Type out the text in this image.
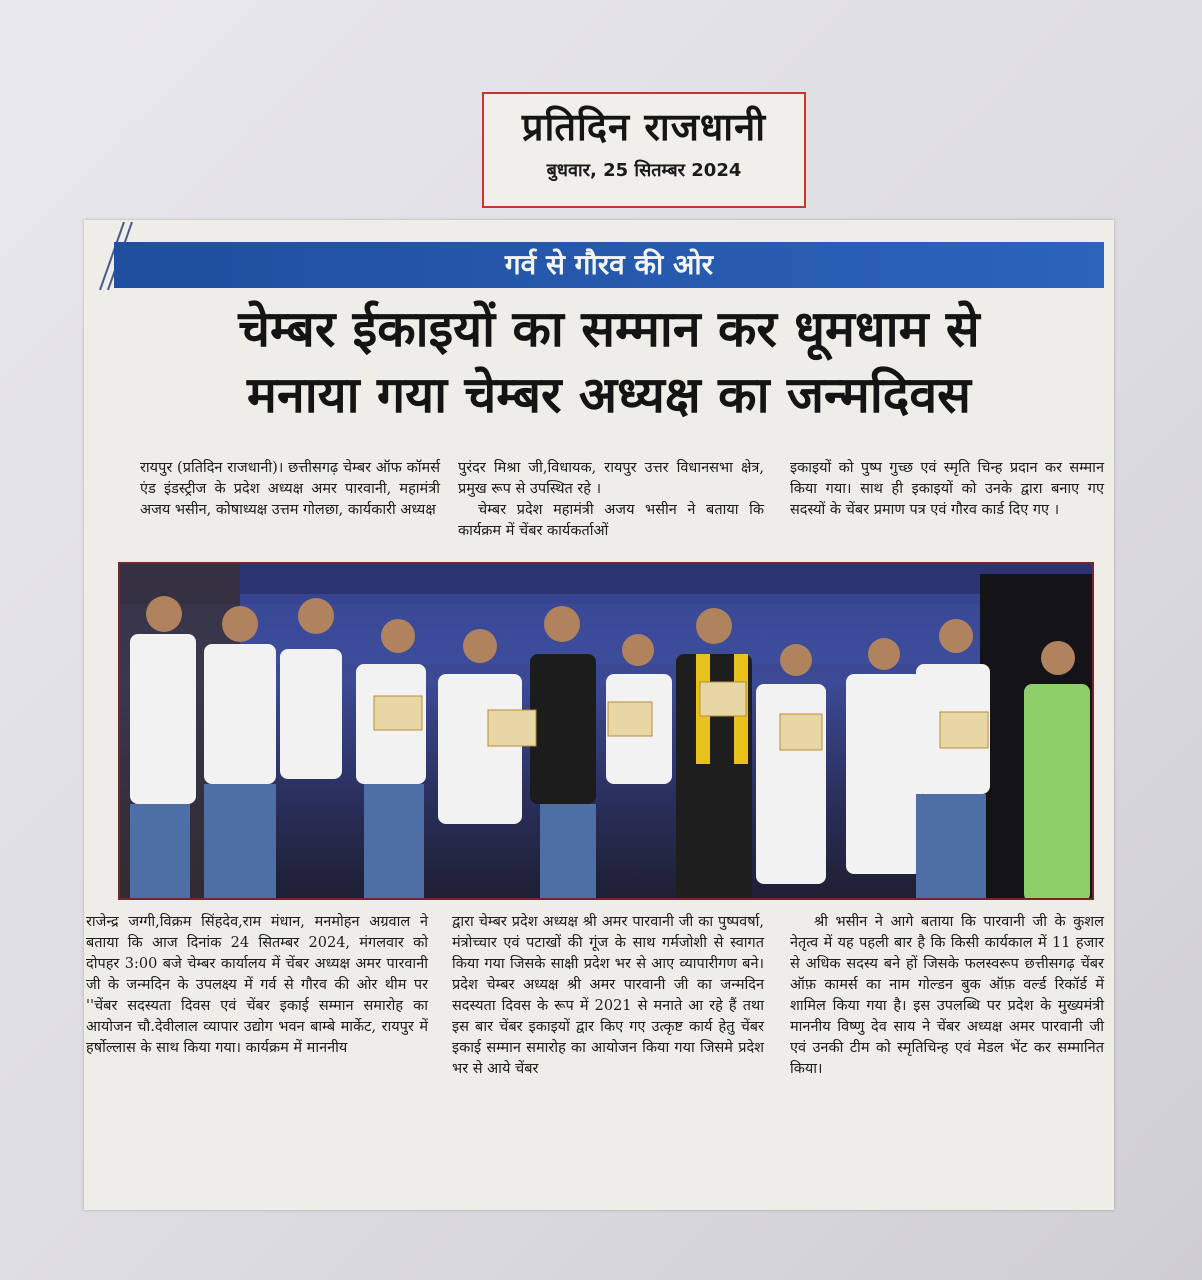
प्रतिदिन राजधानी
बुधवार, 25 सितम्बर 2024
गर्व से गौरव की ओर
चेम्बर ईकाइयों का सम्मान कर धूमधाम से
मनाया गया चेम्बर अध्यक्ष का जन्मदिवस

रायपुर (प्रतिदिन राजधानी)। छत्तीसगढ़ चेम्बर ऑफ कॉमर्स एंड इंडस्ट्रीज के प्रदेश अध्यक्ष अमर पारवानी, महामंत्री अजय भसीन, कोषाध्यक्ष उत्तम गोलछा, कार्यकारी अध्यक्ष

पुरंदर मिश्रा जी,विधायक, रायपुर उत्तर विधानसभा क्षेत्र, प्रमुख रूप से उपस्थित रहे ।

चेम्बर प्रदेश महामंत्री अजय भसीन ने बताया कि कार्यक्रम में चेंबर कार्यकर्ताओं

इकाइयों को पुष्प गुच्छ एवं स्मृति चिन्ह प्रदान कर सम्मान किया गया। साथ ही इकाइयों को उनके द्वारा बनाए गए सदस्यों के चेंबर प्रमाण पत्र एवं गौरव कार्ड दिए गए ।

राजेन्द्र जग्गी,विक्रम सिंहदेव,राम मंधान, मनमोहन अग्रवाल ने बताया कि आज दिनांक 24 सितम्बर 2024, मंगलवार को दोपहर 3:00 बजे चेम्बर कार्यालय में चेंबर अध्यक्ष अमर पारवानी जी के जन्मदिन के उपलक्ष्य में गर्व से गौरव की ओर थीम पर ''चेंबर सदस्यता दिवस एवं चेंबर इकाई सम्मान समारोह का आयोजन चौ.देवीलाल व्यापार उद्योग भवन बाम्बे मार्केट, रायपुर में हर्षोल्लास के साथ किया गया। कार्यक्रम में माननीय

द्वारा चेम्बर प्रदेश अध्यक्ष श्री अमर पारवानी जी का पुष्पवर्षा, मंत्रोच्चार एवं पटाखों की गूंज के साथ गर्मजोशी से स्वागत किया गया जिसके साक्षी प्रदेश भर से आए व्यापारीगण बने। प्रदेश चेम्बर अध्यक्ष श्री अमर पारवानी जी का जन्मदिन सदस्यता दिवस के रूप में 2021 से मनाते आ रहे हैं तथा इस बार चेंबर इकाइयों द्वार किए गए उत्कृष्ट कार्य हेतु चेंबर इकाई सम्मान समारोह का आयोजन किया गया जिसमे प्रदेश भर से आये चेंबर

श्री भसीन ने आगे बताया कि पारवानी जी के कुशल नेतृत्व में यह पहली बार है कि किसी कार्यकाल में 11 हजार से अधिक सदस्य बने हों जिसके फलस्वरूप छत्तीसगढ़ चेंबर ऑफ़ कामर्स का नाम गोल्डन बुक ऑफ़ वर्ल्ड रिकॉर्ड में शामिल किया गया है। इस उपलब्धि पर प्रदेश के मुख्यमंत्री माननीय विष्णु देव साय ने चेंबर अध्यक्ष अमर पारवानी जी एवं उनकी टीम को स्मृतिचिन्ह एवं मेडल भेंट कर सम्मानित किया।
